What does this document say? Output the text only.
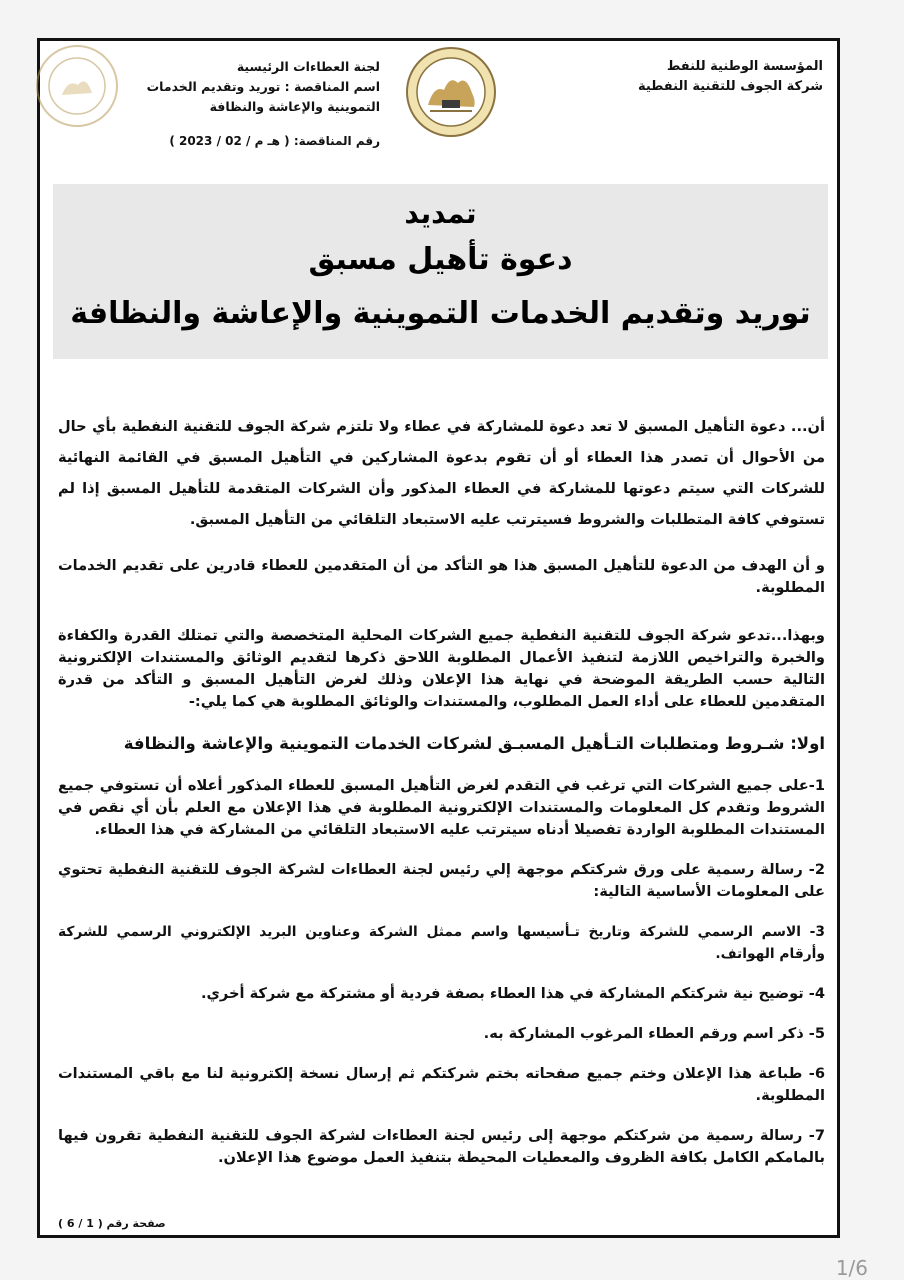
المؤسسة الوطنية للنفط
شركة الجوف للتقنية النفطية
لجنة العطاءات الرئيسية
اسم المناقصة : توريد وتقديم الخدمات التموينية والإعاشة والنظافة
رقم المناقصة: ( هـ م / 02 / 2023 )
تمديد
دعوة تأهيل مسبق
توريد وتقديم الخدمات التموينية والإعاشة والنظافة

أن... دعوة التأهيل المسبق لا تعد دعوة للمشاركة في عطاء ولا تلتزم شركة الجوف للتقنية النفطية بأي حال من الأحوال أن تصدر هذا العطاء أو أن تقوم بدعوة المشاركين في التأهيل المسبق في القائمة النهائية للشركات التي سيتم دعوتها للمشاركة في العطاء المذكور وأن الشركات المتقدمة للتأهيل المسبق إذا لم تستوفي كافة المتطلبات والشروط فسيترتب عليه الاستبعاد التلقائي من التأهيل المسبق.

و أن الهدف من الدعوة للتأهيل المسبق هذا هو التأكد من أن المتقدمين للعطاء قادرين على تقديم الخدمات المطلوبة.

وبهذا...تدعو شركة الجوف للتقنية النفطية جميع الشركات المحلية المتخصصة والتي تمتلك القدرة والكفاءة والخبرة والتراخيص اللازمة لتنفيذ الأعمال المطلوبة اللاحق ذكرها لتقديم الوثائق والمستندات الإلكترونية التالية حسب الطريقة الموضحة في نهاية هذا الإعلان وذلك لغرض التأهيل المسبق و التأكد من قدرة المتقدمين للعطاء على أداء العمل المطلوب، والمستندات والوثائق المطلوبة هي كما يلي:-

اولا: شـروط ومتطلبات التـأهيل المسبـق لشركات الخدمات التموينية والإعاشة والنظافة

1-على جميع الشركات التي ترغب في التقدم لغرض التأهيل المسبق للعطاء المذكور أعلاه أن تستوفي جميع الشروط وتقدم كل المعلومات والمستندات الإلكترونية المطلوبة في هذا الإعلان مع العلم بأن أي نقص في المستندات المطلوبة الواردة تفصيلا أدناه سيترتب عليه الاستبعاد التلقائي من المشاركة في هذا العطاء.

2- رسالة رسمية على ورق شركتكم موجهة إلي رئيس لجنة العطاءات لشركة الجوف للتقنية النفطية تحتوي على المعلومات الأساسية التالية:

3- الاسم الرسمي للشركة وتاريخ تـأسيسها واسم ممثل الشركة وعناوين البريد الإلكتروني الرسمي للشركة وأرقام الهواتف.

4- توضيح نية شركتكم المشاركة في هذا العطاء بصفة فردية أو مشتركة مع شركة أخري.

5- ذكر اسم ورقم العطاء المرغوب المشاركة به.

6- طباعة هذا الإعلان وختم جميع صفحاته بختم شركتكم ثم إرسال نسخة إلكترونية لنا مع باقي المستندات المطلوبة.

7- رسالة رسمية من شركتكم موجهة إلى رئيس لجنة العطاءات لشركة الجوف للتقنية النفطية تقرون فيها بالمامكم الكامل بكافة الظروف والمعطيات المحيطة بتنفيذ العمل موضوع هذا الإعلان.

صفحة رقم ( 1 / 6 )
1/6
